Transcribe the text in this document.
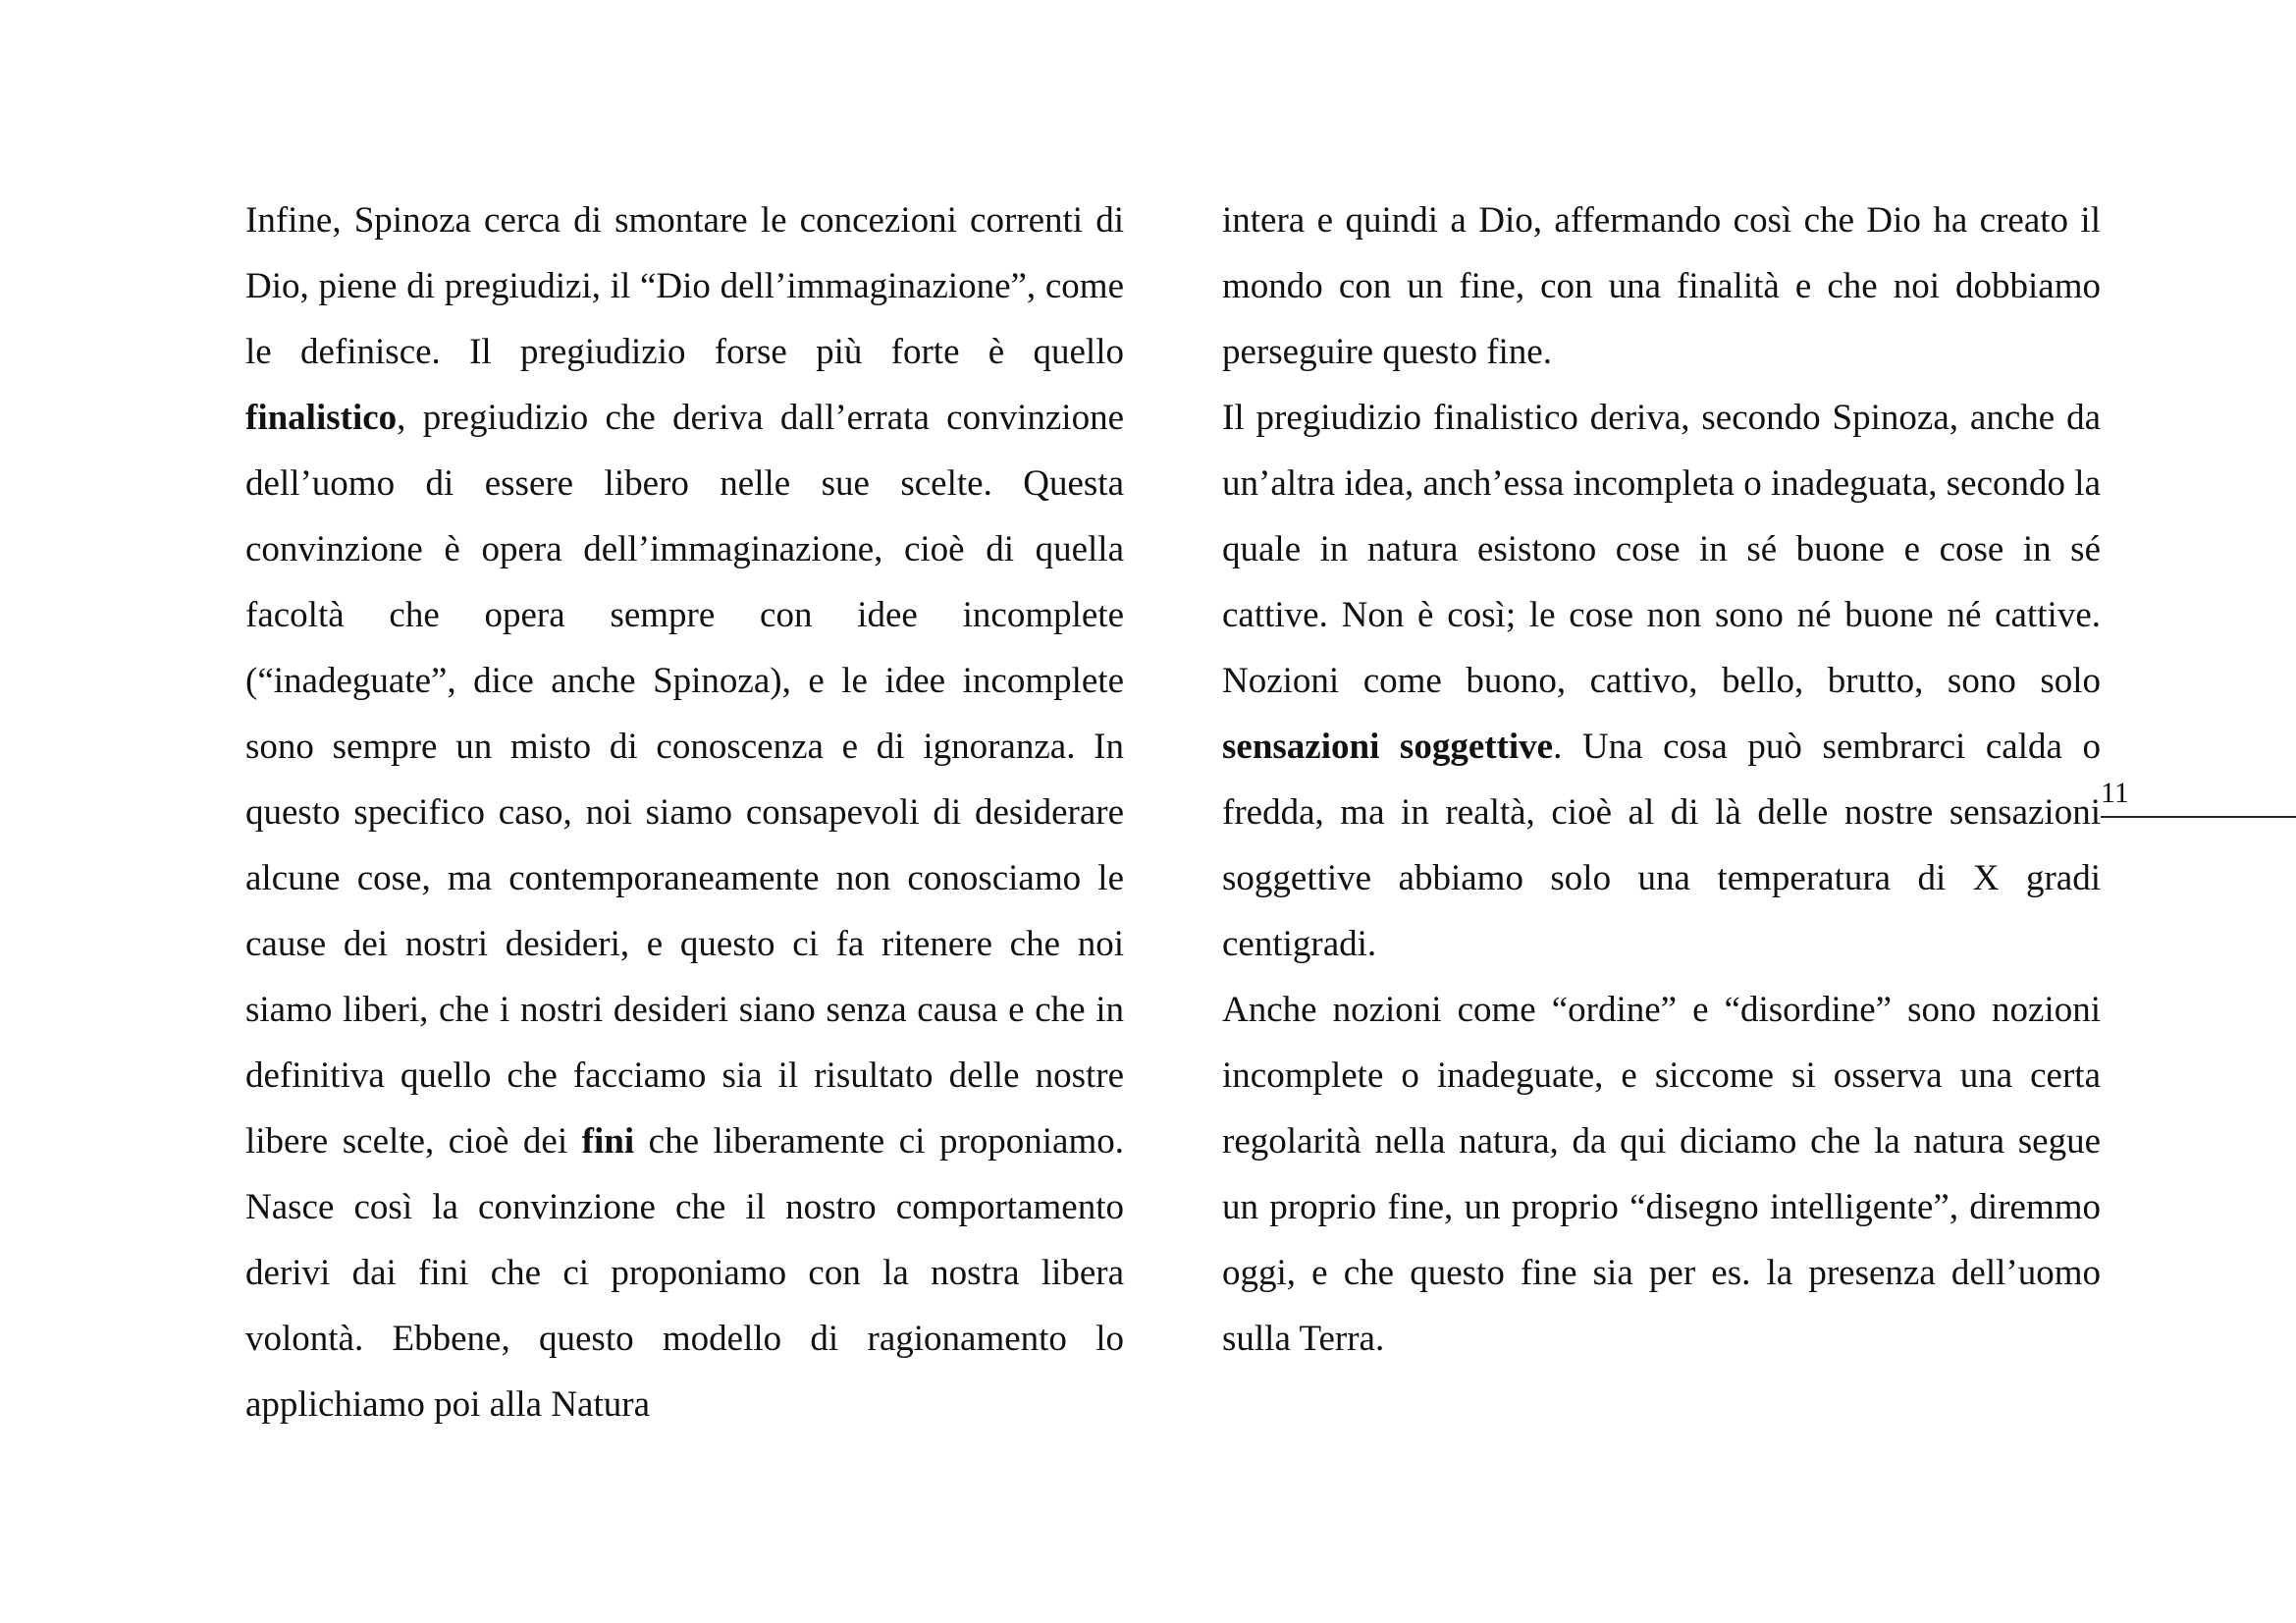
Infine, Spinoza cerca di smontare le concezioni correnti di Dio, piene di pregiudizi, il “Dio dell’immaginazione”, come le definisce. Il pregiudizio forse più forte è quello finalistico, pregiudizio che deriva dall’errata convinzione dell’uomo di essere libero nelle sue scelte. Questa convinzione è opera dell’immaginazione, cioè di quella facoltà che opera sempre con idee incomplete (“inadeguate”, dice anche Spinoza), e le idee incomplete sono sempre un misto di conoscenza e di ignoranza. In questo specifico caso, noi siamo consapevoli di desiderare alcune cose, ma contemporaneamente non conosciamo le cause dei nostri desideri, e questo ci fa ritenere che noi siamo liberi, che i nostri desideri siano senza causa e che in definitiva quello che facciamo sia il risultato delle nostre libere scelte, cioè dei fini che liberamente ci proponiamo. Nasce così la convinzione che il nostro comportamento derivi dai fini che ci proponiamo con la nostra libera volontà. Ebbene, questo modello di ragionamento lo applichiamo poi alla Natura

intera e quindi a Dio, affermando così che Dio ha creato il mondo con un fine, con una finalità e che noi dobbiamo perseguire questo fine.

Il pregiudizio finalistico deriva, secondo Spinoza, anche da un’altra idea, anch’essa incompleta o inadeguata, secondo la quale in natura esistono cose in sé buone e cose in sé cattive. Non è così; le cose non sono né buone né cattive. Nozioni come buono, cattivo, bello, brutto, sono solo sensazioni soggettive. Una cosa può sembrarci calda o fredda, ma in realtà, cioè al di là delle nostre sensazioni soggettive abbiamo solo una temperatura di X gradi centigradi.

Anche nozioni come “ordine” e “disordine” sono nozioni incomplete o inadeguate, e siccome si osserva una certa regolarità nella natura, da qui diciamo che la natura segue un proprio fine, un proprio “disegno intelligente”, diremmo oggi, e che questo fine sia per es. la presenza dell’uomo sulla Terra.

11
